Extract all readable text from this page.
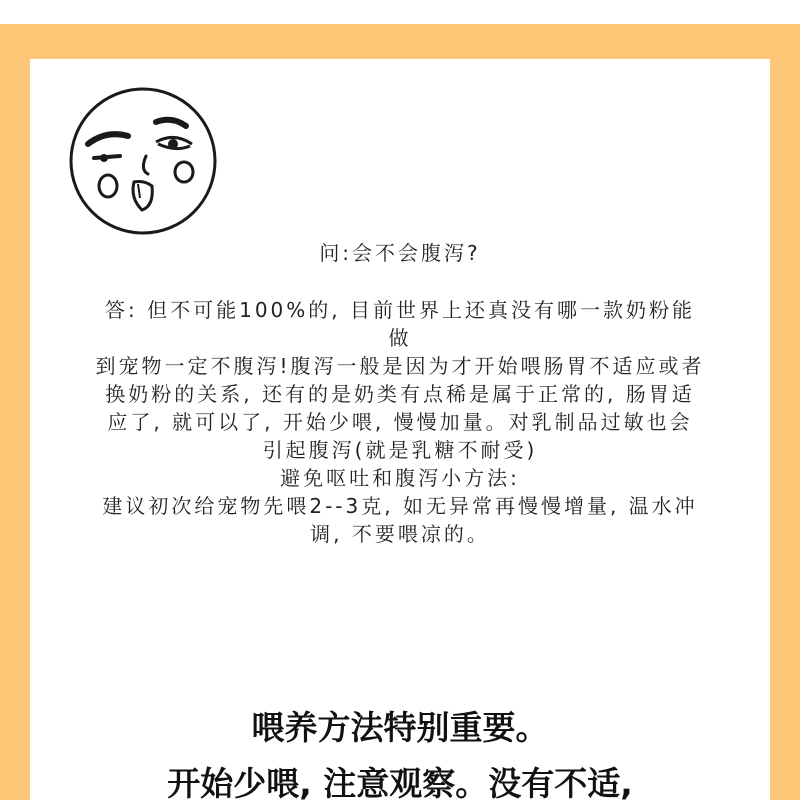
问:会不会腹泻?
答: 但不可能100%的, 目前世界上还真没有哪一款奶粉能
做
到宠物一定不腹泻!腹泻一般是因为才开始喂肠胃不适应或者
换奶粉的关系, 还有的是奶类有点稀是属于正常的, 肠胃适
应了, 就可以了, 开始少喂, 慢慢加量。对乳制品过敏也会
引起腹泻(就是乳糖不耐受)
避免呕吐和腹泻小方法:
建议初次给宠物先喂2--3克, 如无异常再慢慢增量, 温水冲
调, 不要喂凉的。
喂养方法特别重要。
开始少喂, 注意观察。没有不适,
